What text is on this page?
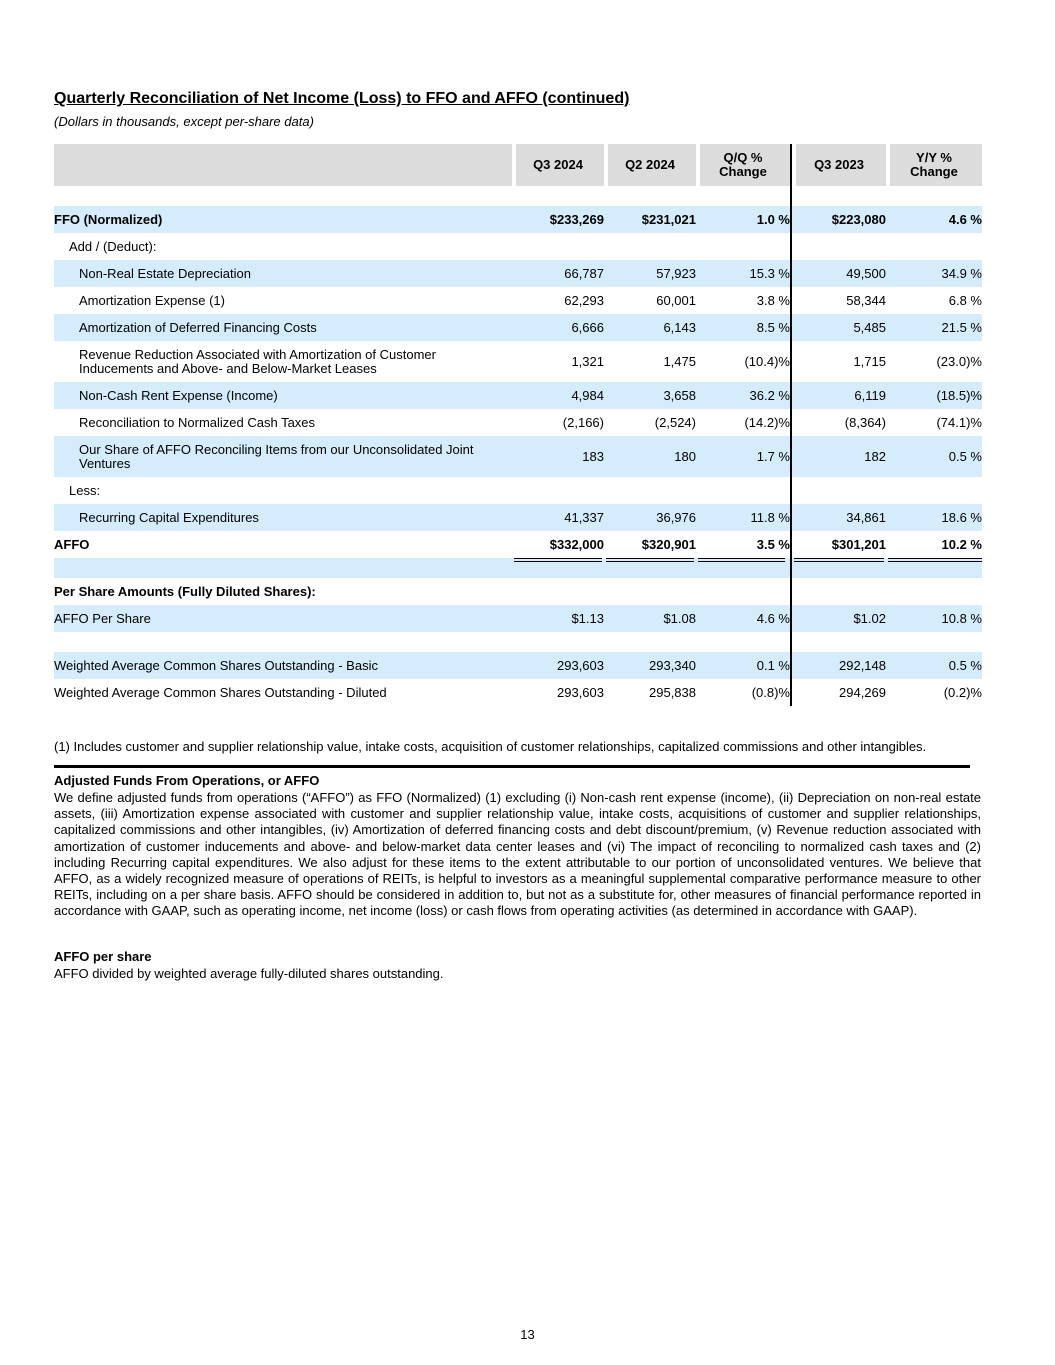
Quarterly Reconciliation of Net Income (Loss) to FFO and AFFO (continued)
(Dollars in thousands, except per-share data)
	Q3 2024	Q2 2024	Q/Q % Change	Q3 2023	Y/Y % Change

FFO (Normalized)	$233,269	$231,021	1.0 %	$223,080	4.6 %
Add / (Deduct):					
Non-Real Estate Depreciation	66,787	57,923	15.3 %	49,500	34.9 %
Amortization Expense (1)	62,293	60,001	3.8 %	58,344	6.8 %
Amortization of Deferred Financing Costs	6,666	6,143	8.5 %	5,485	21.5 %
Revenue Reduction Associated with Amortization of Customer Inducements and Above- and Below-Market Leases	1,321	1,475	(10.4)%	1,715	(23.0)%
Non-Cash Rent Expense (Income)	4,984	3,658	36.2 %	6,119	(18.5)%
Reconciliation to Normalized Cash Taxes	(2,166)	(2,524)	(14.2)%	(8,364)	(74.1)%
Our Share of AFFO Reconciling Items from our Unconsolidated Joint Ventures	183	180	1.7 %	182	0.5 %
Less:					
Recurring Capital Expenditures	41,337	36,976	11.8 %	34,861	18.6 %
AFFO	$332,000	$320,901	3.5 %	$301,201	10.2 %

Per Share Amounts (Fully Diluted Shares):					
AFFO Per Share	$1.13	$1.08	4.6 %	$1.02	10.8 %

Weighted Average Common Shares Outstanding - Basic	293,603	293,340	0.1 %	292,148	0.5 %
Weighted Average Common Shares Outstanding - Diluted	293,603	295,838	(0.8)%	294,269	(0.2)%
(1) Includes customer and supplier relationship value, intake costs, acquisition of customer relationships, capitalized commissions and other intangibles.
Adjusted Funds From Operations, or AFFO
We define adjusted funds from operations (“AFFO”) as FFO (Normalized) (1) excluding (i) Non-cash rent expense (income), (ii) Depreciation on non-real estate assets, (iii) Amortization expense associated with customer and supplier relationship value, intake costs, acquisitions of customer and supplier relationships, capitalized commissions and other intangibles, (iv) Amortization of deferred financing costs and debt discount/premium, (v) Revenue reduction associated with amortization of customer inducements and above- and below-market data center leases and (vi) The impact of reconciling to normalized cash taxes and (2) including Recurring capital expenditures. We also adjust for these items to the extent attributable to our portion of unconsolidated ventures. We believe that AFFO, as a widely recognized measure of operations of REITs, is helpful to investors as a meaningful supplemental comparative performance measure to other REITs, including on a per share basis. AFFO should be considered in addition to, but not as a substitute for, other measures of financial performance reported in accordance with GAAP, such as operating income, net income (loss) or cash flows from operating activities (as determined in accordance with GAAP).
AFFO per share
AFFO divided by weighted average fully-diluted shares outstanding.
13
